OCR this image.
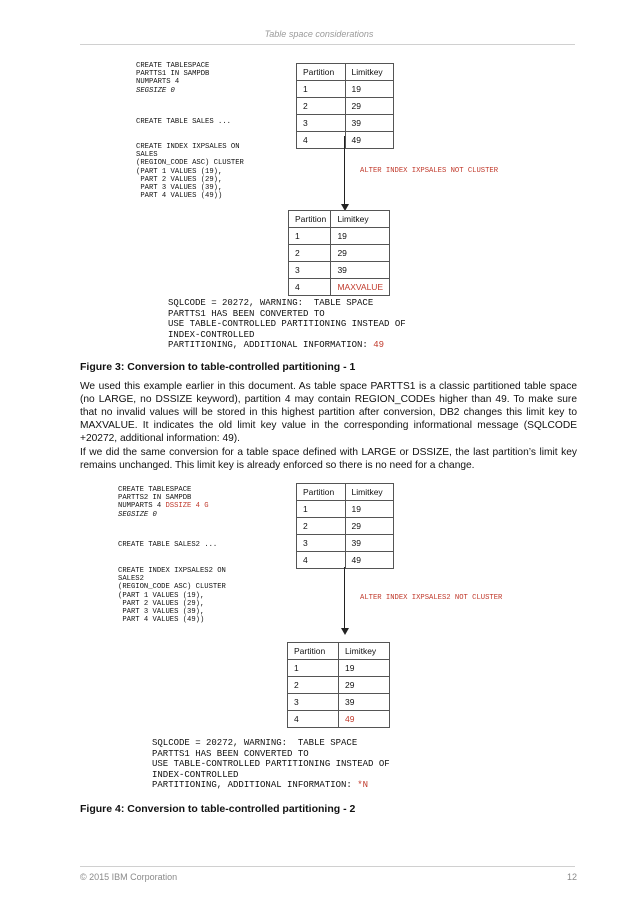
Table space considerations
CREATE TABLESPACE
PARTTS1 IN SAMPDB
NUMPARTS 4
SEGSIZE 0
CREATE TABLE SALES ...
CREATE INDEX IXPSALES ON
SALES
(REGION_CODE ASC) CLUSTER
(PART 1 VALUES (19),
PART 2 VALUES (29),
PART 3 VALUES (39),
PART 4 VALUES (49))
Partition	Limitkey
1	19
2	29
3	39
4	49
ALTER INDEX IXPSALES NOT CLUSTER
Partition	Limitkey
1	19
2	29
3	39
4	MAXVALUE
SQLCODE = 20272, WARNING:  TABLE SPACE
PARTTS1 HAS BEEN CONVERTED TO
USE TABLE-CONTROLLED PARTITIONING INSTEAD OF
INDEX-CONTROLLED
PARTITIONING, ADDITIONAL INFORMATION: 49
Figure 3: Conversion to table-controlled partitioning - 1
We used this example earlier in this document. As table space PARTTS1 is a classic partitioned table space (no LARGE, no DSSIZE keyword), partition 4 may contain REGION_CODEs higher than 49. To make sure that no invalid values will be stored in this highest partition after conversion, DB2 changes this limit key to MAXVALUE. It indicates the old limit key value in the corresponding informational message (SQLCODE +20272, additional information: 49).
If we did the same conversion for a table space defined with LARGE or DSSIZE, the last partition’s limit key remains unchanged. This limit key is already enforced so there is no need for a change.
CREATE TABLESPACE
PARTTS2 IN SAMPDB
NUMPARTS 4 DSSIZE 4 G
SEGSIZE 0
CREATE TABLE SALES2 ...
CREATE INDEX IXPSALES2 ON
SALES2
(REGION_CODE ASC) CLUSTER
(PART 1 VALUES (19),
PART 2 VALUES (29),
PART 3 VALUES (39),
PART 4 VALUES (49))
Partition	Limitkey
1	19
2	29
3	39
4	49
ALTER INDEX IXPSALES2 NOT CLUSTER
Partition	Limitkey
1	19
2	29
3	39
4	49
SQLCODE = 20272, WARNING:  TABLE SPACE
PARTTS1 HAS BEEN CONVERTED TO
USE TABLE-CONTROLLED PARTITIONING INSTEAD OF
INDEX-CONTROLLED
PARTITIONING, ADDITIONAL INFORMATION: *N
Figure 4: Conversion to table-controlled partitioning - 2
© 2015 IBM Corporation	12
